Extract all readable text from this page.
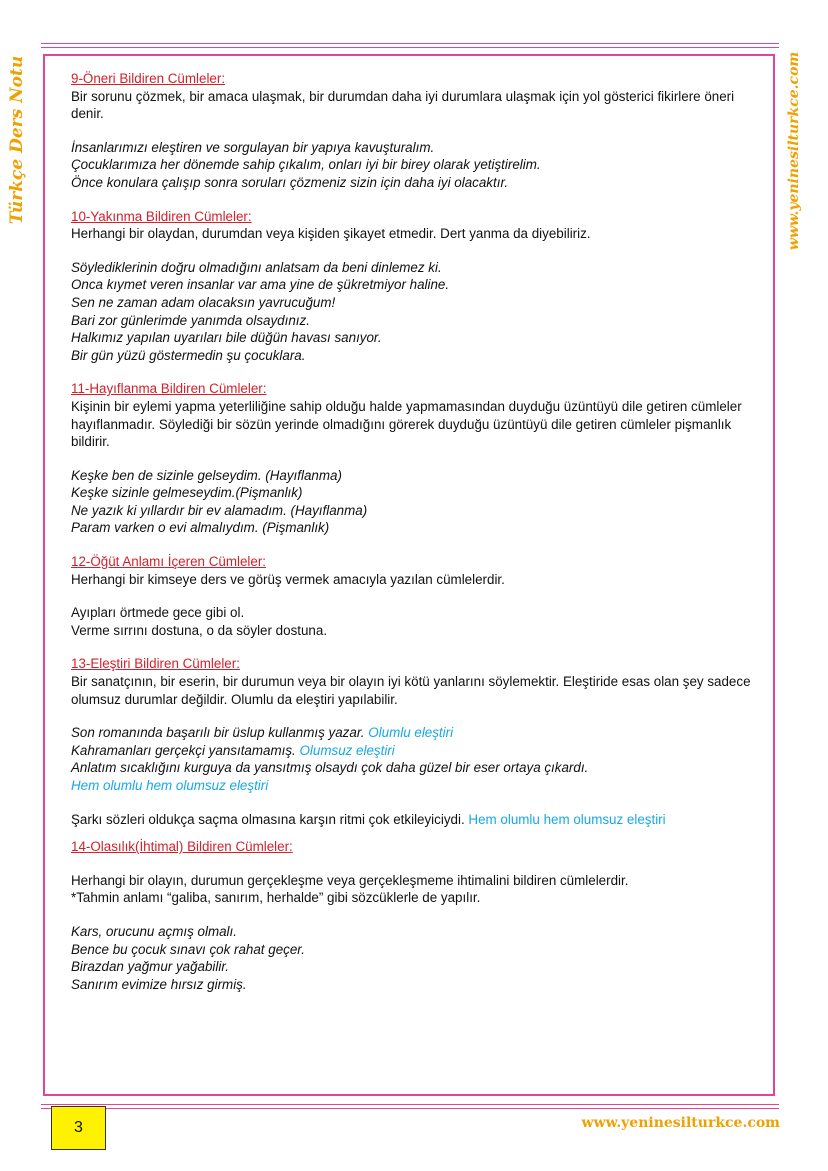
Türkçe Ders Notu	www.yeninesilturkce.com

9-Öneri Bildiren Cümleler:

Bir sorunu çözmek, bir amaca ulaşmak, bir durumdan daha iyi durumlara ulaşmak için yol gösterici fikirlere öneri denir.

İnsanlarımızı eleştiren ve sorgulayan bir yapıya kavuşturalım.

Çocuklarımıza her dönemde sahip çıkalım, onları iyi bir birey olarak yetiştirelim.

Önce konulara çalışıp sonra soruları çözmeniz sizin için daha iyi olacaktır.

10-Yakınma Bildiren Cümleler:

Herhangi bir olaydan, durumdan veya kişiden şikayet etmedir. Dert yanma da diyebiliriz.

Söylediklerinin doğru olmadığını anlatsam da beni dinlemez ki.

Onca kıymet veren insanlar var ama yine de şükretmiyor haline.

Sen ne zaman adam olacaksın yavrucuğum!

Bari zor günlerimde yanımda olsaydınız.

Halkımız yapılan uyarıları bile düğün havası sanıyor.

Bir gün yüzü göstermedin şu çocuklara.

11-Hayıflanma Bildiren Cümleler:

Kişinin bir eylemi yapma yeterliliğine sahip olduğu halde yapmamasından duyduğu üzüntüyü dile getiren cümleler hayıflanmadır. Söylediği bir sözün yerinde olmadığını görerek duyduğu üzüntüyü dile getiren cümleler pişmanlık bildirir.

Keşke ben de sizinle gelseydim. (Hayıflanma)

Keşke sizinle gelmeseydim.(Pişmanlık)

Ne yazık ki yıllardır bir ev alamadım. (Hayıflanma)

Param varken o evi almalıydım. (Pişmanlık)

12-Öğüt Anlamı İçeren Cümleler:

Herhangi bir kimseye ders ve görüş vermek amacıyla yazılan cümlelerdir.

Ayıpları örtmede gece gibi ol.

Verme sırrını dostuna, o da söyler dostuna.

13-Eleştiri Bildiren Cümleler:

Bir sanatçının, bir eserin, bir durumun veya bir olayın iyi kötü yanlarını söylemektir. Eleştiride esas olan şey sadece olumsuz durumlar değildir. Olumlu da eleştiri yapılabilir.

Son romanında başarılı bir üslup kullanmış yazar. Olumlu eleştiri

Kahramanları gerçekçi yansıtamamış. Olumsuz eleştiri

Anlatım sıcaklığını kurguya da yansıtmış olsaydı çok daha güzel bir eser ortaya çıkardı.

Hem olumlu hem olumsuz eleştiri

Şarkı sözleri oldukça saçma olmasına karşın ritmi çok etkileyiciydi. Hem olumlu hem olumsuz eleştiri

14-Olasılık(İhtimal) Bildiren Cümleler:

Herhangi bir olayın, durumun gerçekleşme veya gerçekleşmeme ihtimalini bildiren cümlelerdir.

*Tahmin anlamı “galiba, sanırım, herhalde” gibi sözcüklerle de yapılır.

Kars, orucunu açmış olmalı.

Bence bu çocuk sınavı çok rahat geçer.

Birazdan yağmur yağabilir.

Sanırım evimize hırsız girmiş.

3	www.yeninesilturkce.com
